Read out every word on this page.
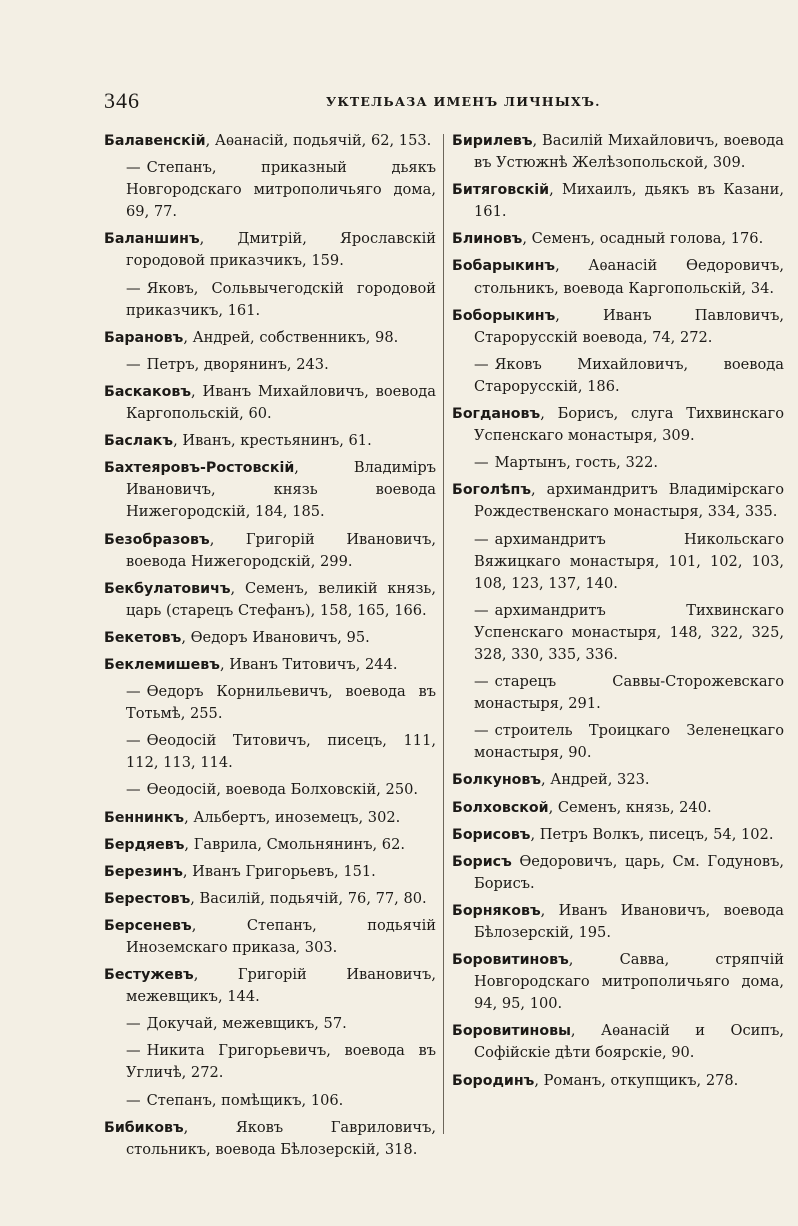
346	УКТЕЛЬАЗА ИМЕНЪ ЛИЧНЫХЪ.

Балавенскій, Аѳанасій, подьячій, 62, 153.

— Степанъ, приказный дьякъ Новгородскаго митрополичьяго дома, 69, 77.

Баланшинъ, Дмитрій, Ярославскій городовой приказчикъ, 159.

— Яковъ, Сольвычегодскій городовой приказчикъ, 161.

Барановъ, Андрей, собственникъ, 98.

— Петръ, дворянинъ, 243.

Баскаковъ, Иванъ Михайловичъ, воевода Каргопольскій, 60.

Баслакъ, Иванъ, крестьянинъ, 61.

Бахтеяровъ-Ростовскій, Владиміръ Ивановичъ, князь воевода Нижегородскій, 184, 185.

Безобразовъ, Григорій Ивановичъ, воевода Нижегородскій, 299.

Бекбулатовичъ, Семенъ, великій князь, царь (старецъ Стефанъ), 158, 165, 166.

Бекетовъ, Ѳедоръ Ивановичъ, 95.

Беклемишевъ, Иванъ Титовичъ, 244.

— Ѳедоръ Корнильевичъ, воевода въ Тотьмѣ, 255.

— Ѳеодосій Титовичъ, писецъ, 111, 112, 113, 114.

— Ѳеодосій, воевода Болховскій, 250.

Беннинкъ, Альбертъ, иноземецъ, 302.

Бердяевъ, Гаврила, Смольнянинъ, 62.

Березинъ, Иванъ Григорьевъ, 151.

Берестовъ, Василій, подьячій, 76, 77, 80.

Берсеневъ, Степанъ, подьячій Иноземскаго приказа, 303.

Бестужевъ, Григорій Ивановичъ, межевщикъ, 144.

— Докучай, межевщикъ, 57.

— Никита Григорьевичъ, воевода въ Угличѣ, 272.

— Степанъ, помѣщикъ, 106.

Бибиковъ, Яковъ Гавриловичъ, стольникъ, воевода Бѣлозерскій, 318.

Бирилевъ, Василій Михайловичъ, воевода въ Устюжнѣ Желѣзопольской, 309.

Битяговскій, Михаилъ, дьякъ въ Казани, 161.

Блиновъ, Семенъ, осадный голова, 176.

Бобарыкинъ, Аѳанасій Ѳедоровичъ, стольникъ, воевода Каргопольскій, 34.

Боборыкинъ, Иванъ Павловичъ, Старорусскій воевода, 74, 272.

— Яковъ Михайловичъ, воевода Старорусскій, 186.

Богдановъ, Борисъ, слуга Тихвинскаго Успенскаго монастыря, 309.

— Мартынъ, гость, 322.

Боголѣпъ, архимандритъ Владимірскаго Рождественскаго монастыря, 334, 335.

— архимандритъ Никольскаго Вяжицкаго монастыря, 101, 102, 103, 108, 123, 137, 140.

— архимандритъ Тихвинскаго Успенскаго монастыря, 148, 322, 325, 328, 330, 335, 336.

— старецъ Саввы-Сторожевскаго монастыря, 291.

— строитель Троицкаго Зеленецкаго монастыря, 90.

Болкуновъ, Андрей, 323.

Болховской, Семенъ, князь, 240.

Борисовъ, Петръ Волкъ, писецъ, 54, 102.

Борисъ Ѳедоровичъ, царь, См. Годуновъ, Борисъ.

Борняковъ, Иванъ Ивановичъ, воевода Бѣлозерскій, 195.

Боровитиновъ, Савва, стряпчій Новгородскаго митрополичьяго дома, 94, 95, 100.

Боровитиновы, Аѳанасій и Осипъ, Софійскіе дѣти боярскіе, 90.

Бородинъ, Романъ, откупщикъ, 278.
